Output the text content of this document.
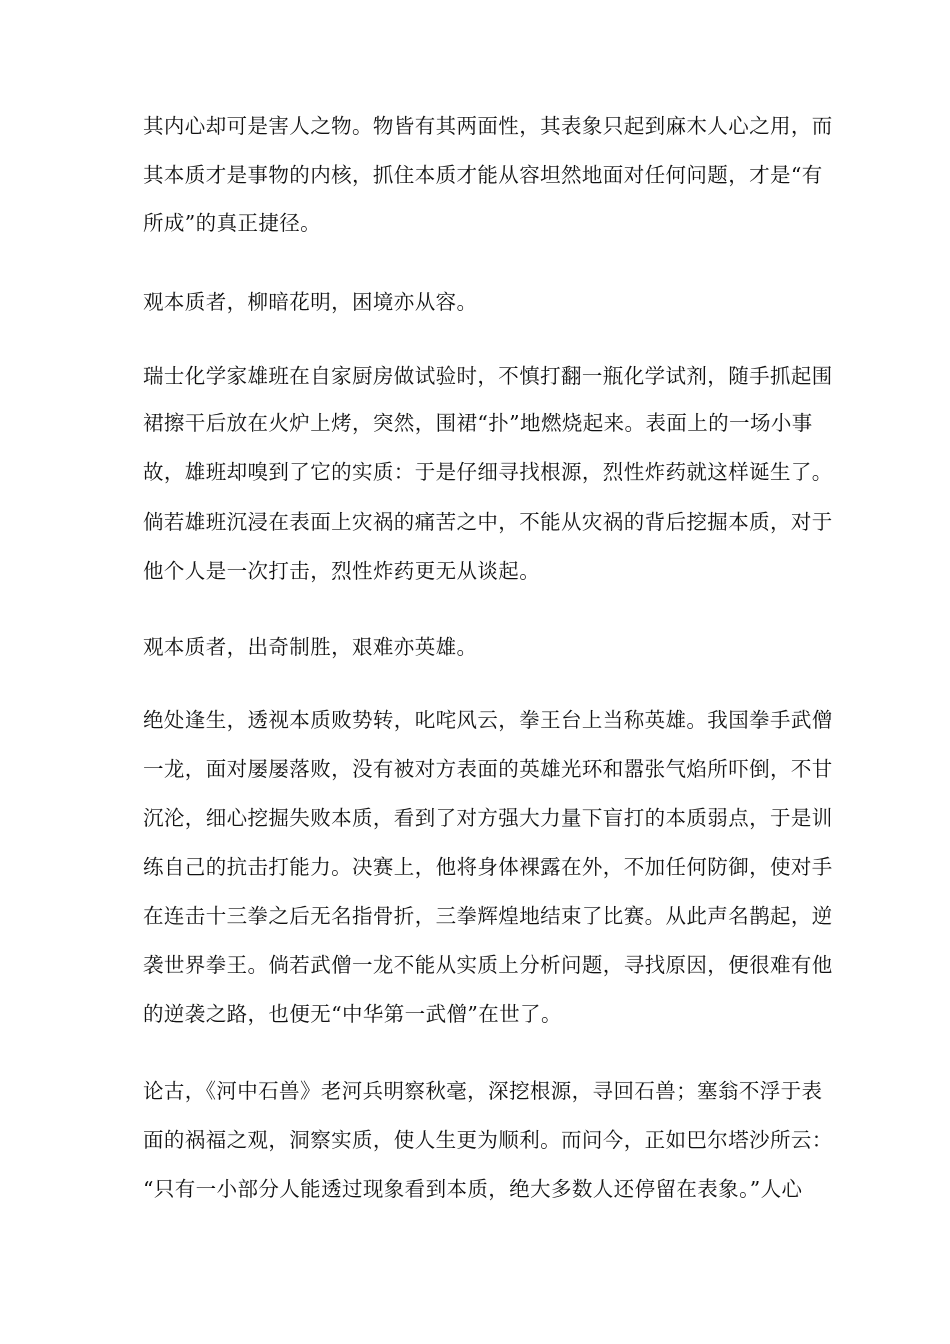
其内心却可是害人之物。物皆有其两面性，其表象只起到麻木人心之用，而
其本质才是事物的内核，抓住本质才能从容坦然地面对任何问题，才是“有
所成”的真正捷径。
观本质者，柳暗花明，困境亦从容。
瑞士化学家雄班在自家厨房做试验时，不慎打翻一瓶化学试剂，随手抓起围
裙擦干后放在火炉上烤，突然，围裙“扑”地燃烧起来。表面上的一场小事
故，雄班却嗅到了它的实质：于是仔细寻找根源，烈性炸药就这样诞生了。
倘若雄班沉浸在表面上灾祸的痛苦之中，不能从灾祸的背后挖掘本质，对于
他个人是一次打击，烈性炸药更无从谈起。
观本质者，出奇制胜，艰难亦英雄。
绝处逢生，透视本质败势转，叱咤风云，拳王台上当称英雄。我国拳手武僧
一龙，面对屡屡落败，没有被对方表面的英雄光环和嚣张气焰所吓倒，不甘
沉沦，细心挖掘失败本质，看到了对方强大力量下盲打的本质弱点，于是训
练自己的抗击打能力。决赛上，他将身体裸露在外，不加任何防御，使对手
在连击十三拳之后无名指骨折，三拳辉煌地结束了比赛。从此声名鹊起，逆
袭世界拳王。倘若武僧一龙不能从实质上分析问题，寻找原因，便很难有他
的逆袭之路，也便无“中华第一武僧”在世了。
论古，《河中石兽》老河兵明察秋毫，深挖根源，寻回石兽；塞翁不浮于表
面的祸福之观，洞察实质，使人生更为顺利。而问今，正如巴尔塔沙所云：
“只有一小部分人能透过现象看到本质，绝大多数人还停留在表象。”人心
